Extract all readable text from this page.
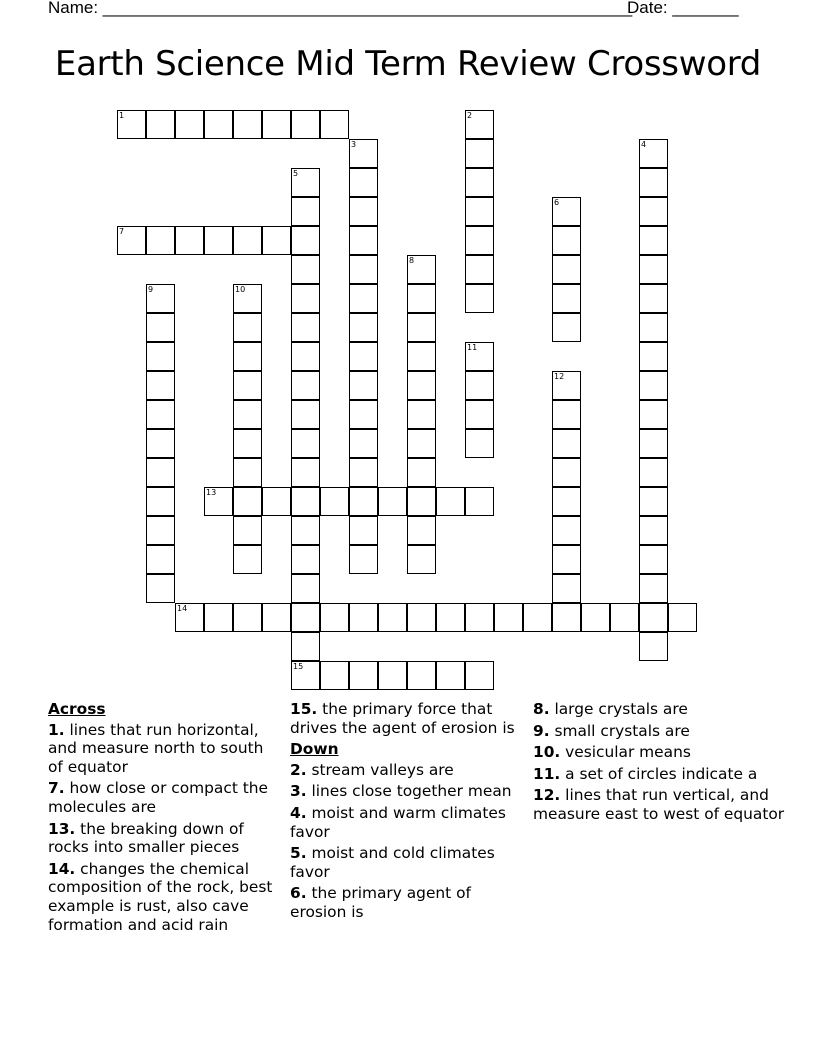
Name: ________________________________________________________
Date: _______
Earth Science Mid Term Review Crossword
1	2
3	4
5
15
6
7
8
9	10
11
12
13
14
Across
1. lines that run horizontal, and measure north to south of equator
7. how close or compact the molecules are
13. the breaking down of rocks into smaller pieces
14. changes the chemical composition of the rock, best example is rust, also cave formation and acid rain
15. the primary force that drives the agent of erosion is
Down
2. stream valleys are
3. lines close together mean
4. moist and warm climates favor
5. moist and cold climates favor
6. the primary agent of erosion is
8. large crystals are
9. small crystals are
10. vesicular means
11. a set of circles indicate a
12. lines that run vertical, and measure east to west of equator
